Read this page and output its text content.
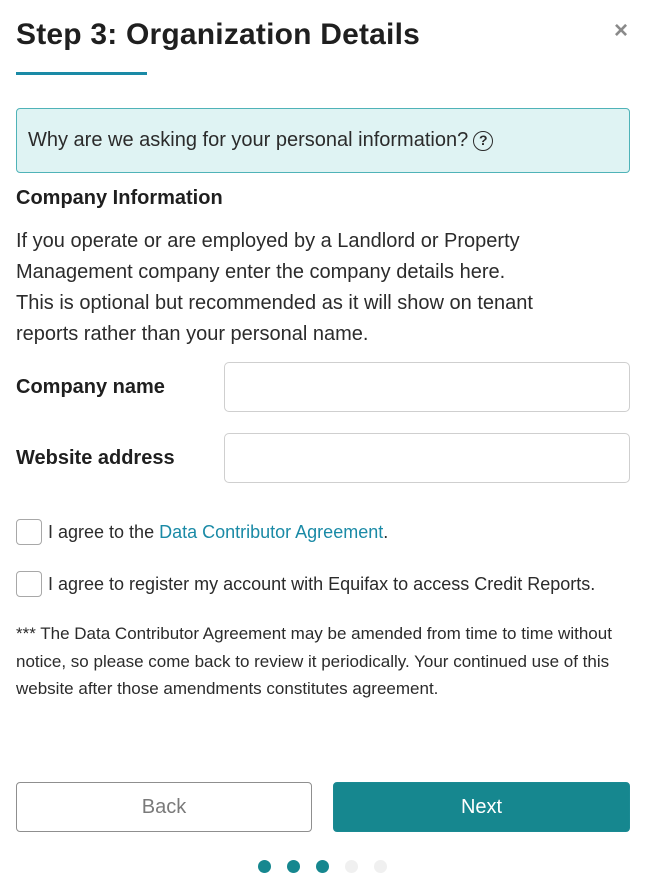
Step 3: Organization Details	×
Why are we asking for your personal information? ?
Company Information
If you operate or are employed by a Landlord or Property
Management company enter the company details here.
This is optional but recommended as it will show on tenant
reports rather than your personal name.
Company name
Website address
I agree to the
Data Contributor Agreement .
I agree to register my account with Equifax to access Credit Reports.

*** The Data Contributor Agreement may be amended from time to time without notice, so please come back to review it periodically. Your continued use of this website after those amendments constitutes agreement.

Back	Next
